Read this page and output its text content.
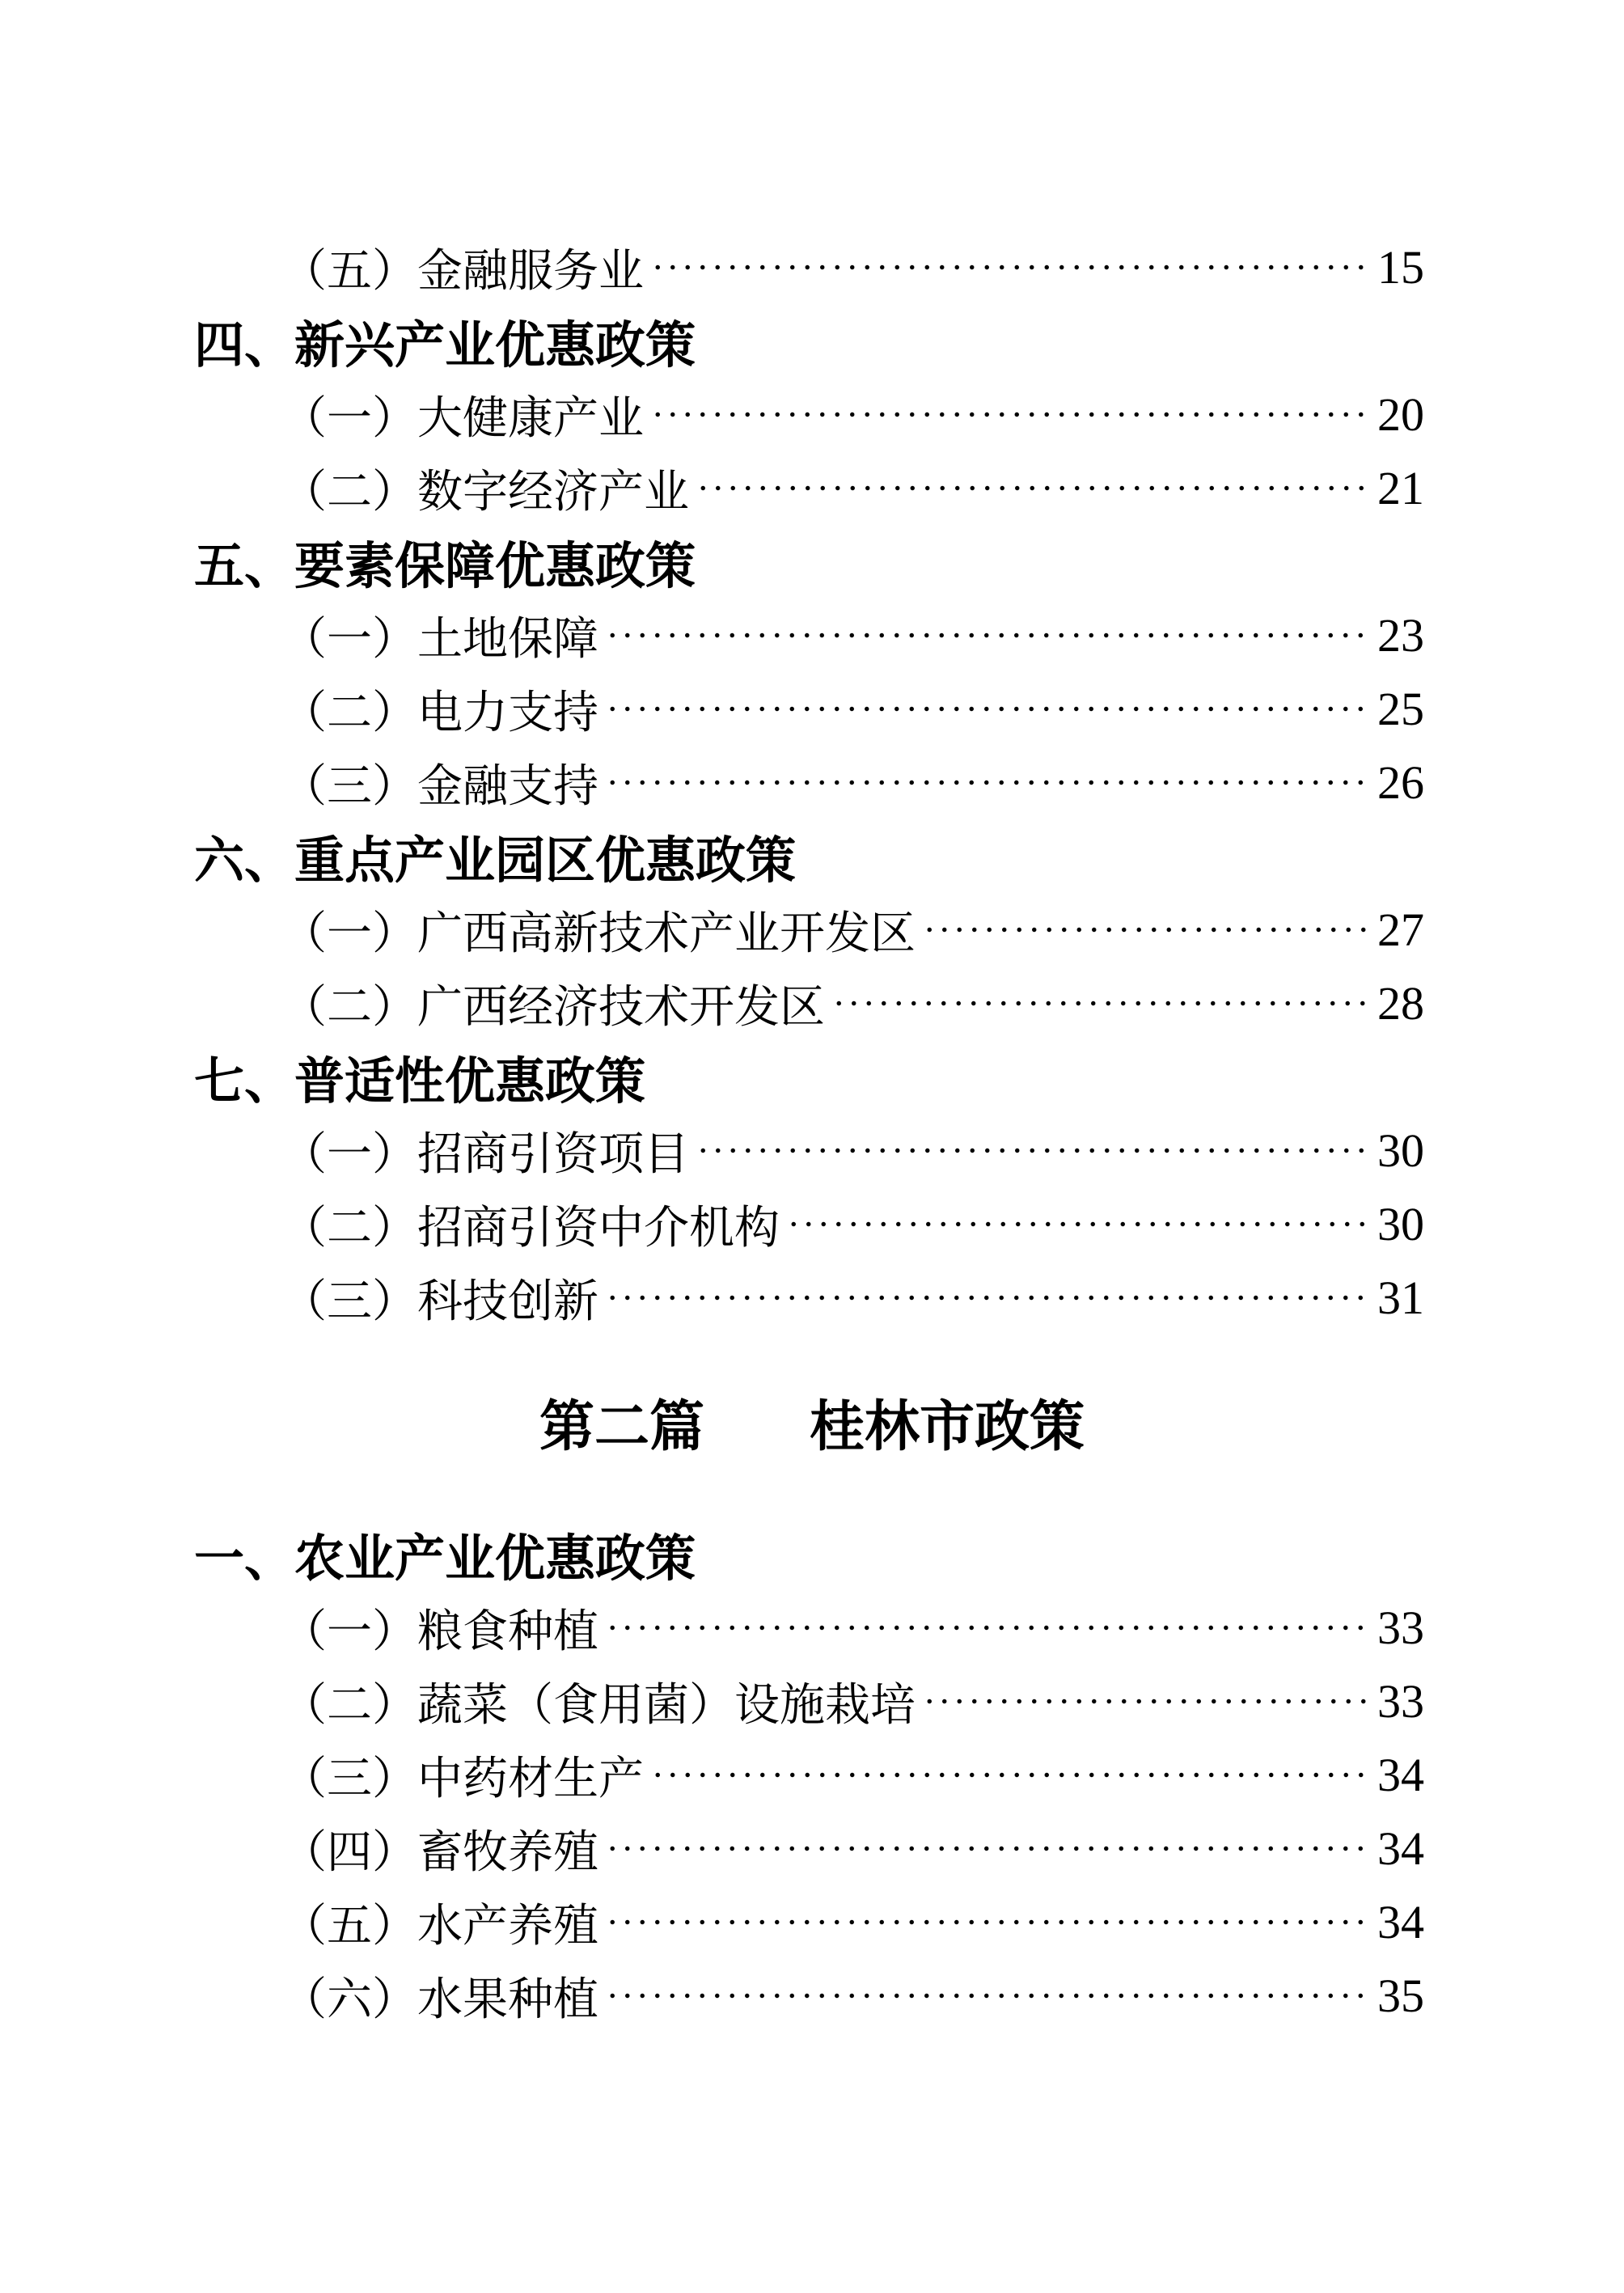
（五）金融服务业	15
四、新兴产业优惠政策
（一）大健康产业	20
（二）数字经济产业	21
五、要素保障优惠政策
（一）土地保障	23
（二）电力支持	25
（三）金融支持	26
六、重点产业园区优惠政策
（一）广西高新技术产业开发区	27
（二）广西经济技术开发区	28
七、普适性优惠政策
（一）招商引资项目	30
（二）招商引资中介机构	30
（三）科技创新	31
第二篇 桂林市政策
一、农业产业优惠政策
（一）粮食种植	33
（二）蔬菜（食用菌）设施栽培	33
（三）中药材生产	34
（四）畜牧养殖	34
（五）水产养殖	34
（六）水果种植	35
